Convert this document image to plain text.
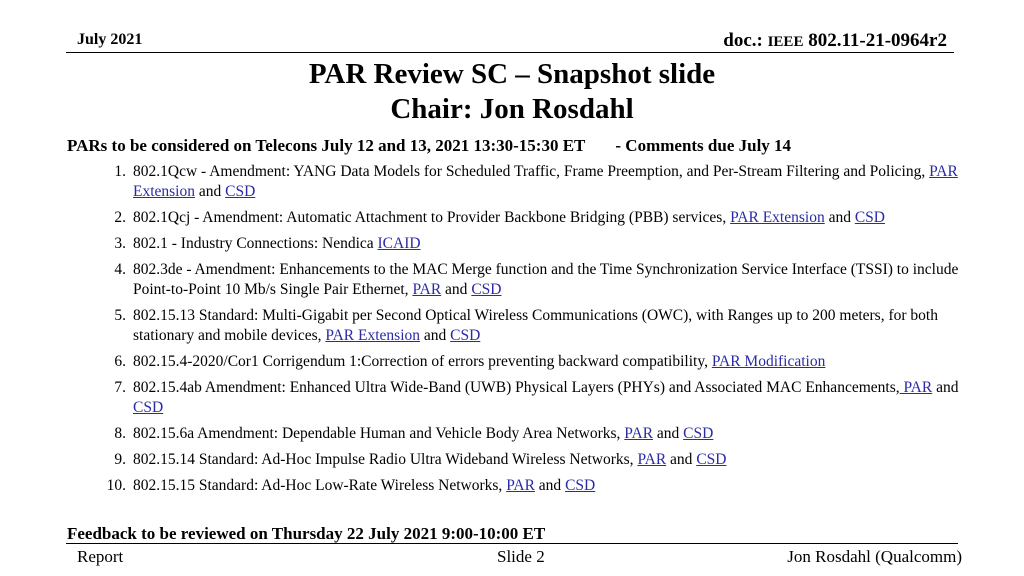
July 2021	doc.: IEEE 802.11-21-0964r2
PAR Review SC – Snapshot slide
Chair: Jon Rosdahl
PARs to be considered on Telecons July 12 and 13, 2021 13:30-15:30 ET - Comments due July 14
1. 802.1Qcw - Amendment: YANG Data Models for Scheduled Traffic, Frame Preemption, and Per-Stream Filtering and Policing, PAR Extension and CSD
2. 802.1Qcj - Amendment: Automatic Attachment to Provider Backbone Bridging (PBB) services, PAR Extension and CSD
3. 802.1 - Industry Connections: Nendica ICAID
4. 802.3de - Amendment: Enhancements to the MAC Merge function and the Time Synchronization Service Interface (TSSI) to include Point-to-Point 10 Mb/s Single Pair Ethernet, PAR and CSD
5. 802.15.13 Standard: Multi-Gigabit per Second Optical Wireless Communications (OWC), with Ranges up to 200 meters, for both stationary and mobile devices, PAR Extension and CSD
6. 802.15.4-2020/Cor1 Corrigendum 1:Correction of errors preventing backward compatibility, PAR Modification
7. 802.15.4ab Amendment: Enhanced Ultra Wide-Band (UWB) Physical Layers (PHYs) and Associated MAC Enhancements, PAR and CSD
8. 802.15.6a Amendment: Dependable Human and Vehicle Body Area Networks, PAR and CSD
9. 802.15.14 Standard: Ad-Hoc Impulse Radio Ultra Wideband Wireless Networks, PAR and CSD
10. 802.15.15 Standard: Ad-Hoc Low-Rate Wireless Networks, PAR and CSD
Feedback to be reviewed on Thursday 22 July 2021 9:00-10:00 ET
Report	Slide 2	Jon Rosdahl (Qualcomm)
